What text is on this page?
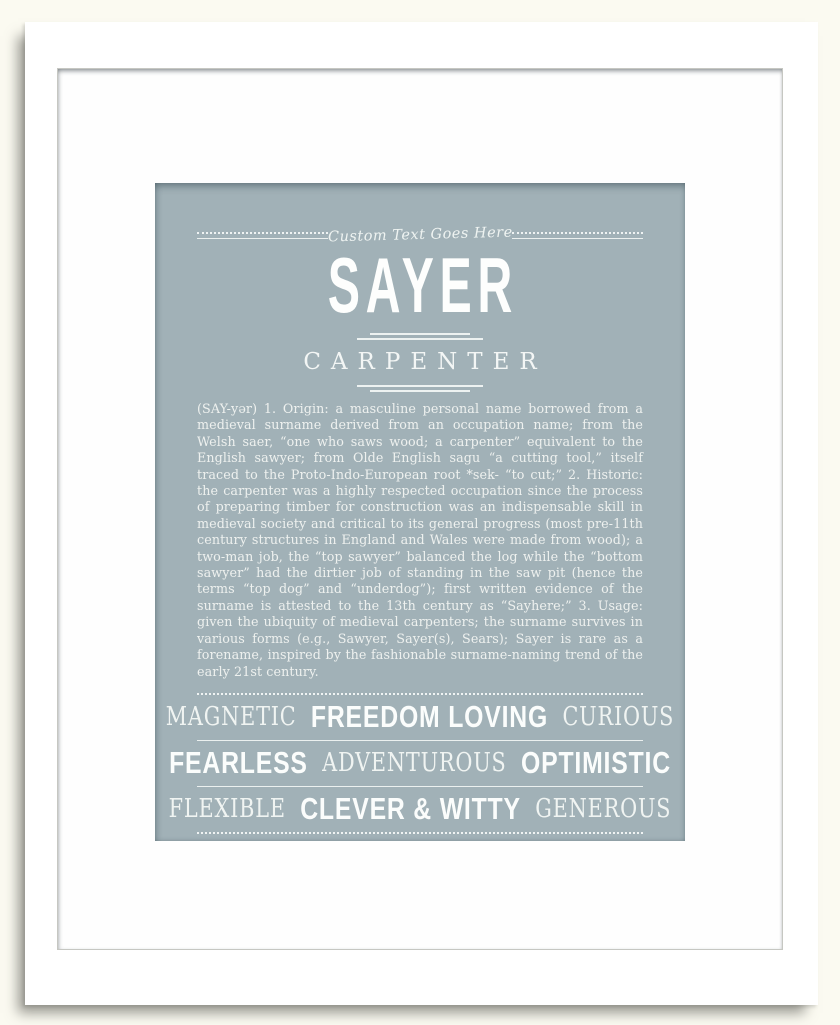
Custom Text Goes Here
SAYER
CARPENTER

(SAY-yər) 1. Origin: a masculine personal name borrowed from a medieval surname derived from an occupation name; from the Welsh saer, “one who saws wood; a carpenter” equivalent to the English sawyer; from Olde English sagu “a cutting tool,” itself traced to the Proto-Indo-European root *sek- “to cut;” 2. Historic: the carpenter was a highly respected occupation since the process of preparing timber for construction was an indispensable skill in medieval society and critical to its general progress (most pre-11th century structures in England and Wales were made from wood); a two-man job, the “top sawyer” balanced the log while the “bottom sawyer” had the dirtier job of standing in the saw pit (hence the terms “top dog” and “underdog”); first written evidence of the surname is attested to the 13th century as “Sayhere;” 3. Usage: given the ubiquity of medieval carpenters; the surname survives in various forms (e.g., Sawyer, Sayer(s), Sears); Sayer is rare as a forename, inspired by the fashionable surname-naming trend of the early 21st century.

MAGNETIC FREEDOM LOVING CURIOUS
FEARLESS ADVENTUROUS OPTIMISTIC
FLEXIBLE CLEVER & WITTY GENEROUS
